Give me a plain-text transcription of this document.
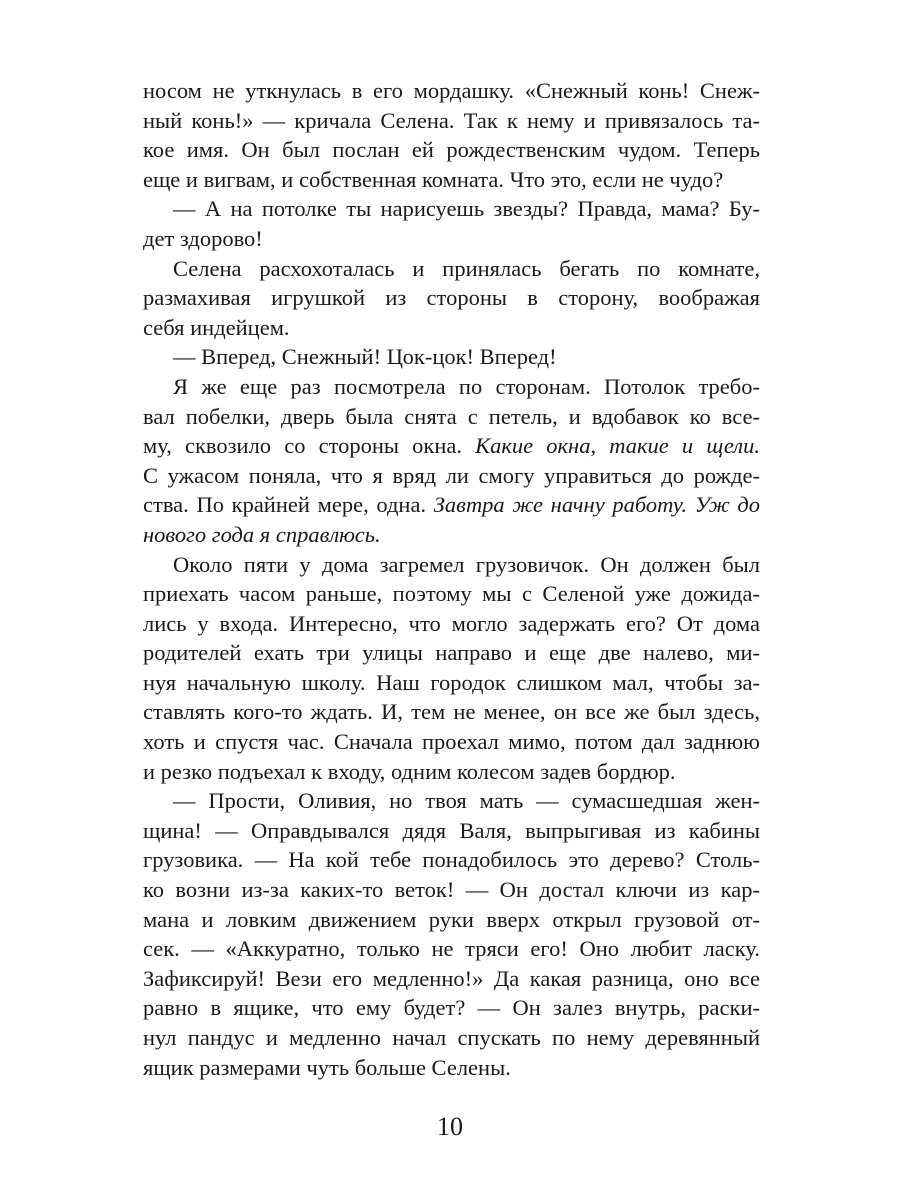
носом не уткнулась в его мордашку. «Снежный конь! Снеж-
ный конь!» — кричала Селена. Так к нему и привязалось та-
кое имя. Он был послан ей рождественским чудом. Теперь
еще и вигвам, и собственная комната. Что это, если не чудо?
— А на потолке ты нарисуешь звезды? Правда, мама? Бу-
дет здорово!
Селена расхохоталась и принялась бегать по комнате,
размахивая игрушкой из стороны в сторону, воображая
себя индейцем.
— Вперед, Снежный! Цок-цок! Вперед!
Я же еще раз посмотрела по сторонам. Потолок требо-
вал побелки, дверь была снята с петель, и вдобавок ко все-
му, сквозило со стороны окна. Какие окна, такие и щели.
С ужасом поняла, что я вряд ли смогу управиться до рожде-
ства. По крайней мере, одна. Завтра же начну работу. Уж до
нового года я справлюсь.
Около пяти у дома загремел грузовичок. Он должен был
приехать часом раньше, поэтому мы с Селеной уже дожида-
лись у входа. Интересно, что могло задержать его? От дома
родителей ехать три улицы направо и еще две налево, ми-
нуя начальную школу. Наш городок слишком мал, чтобы за-
ставлять кого-то ждать. И, тем не менее, он все же был здесь,
хоть и спустя час. Сначала проехал мимо, потом дал заднюю
и резко подъехал к входу, одним колесом задев бордюр.
— Прости, Оливия, но твоя мать — сумасшедшая жен-
щина! — Оправдывался дядя Валя, выпрыгивая из кабины
грузовика. — На кой тебе понадобилось это дерево? Столь-
ко возни из-за каких-то веток! — Он достал ключи из кар-
мана и ловким движением руки вверх открыл грузовой от-
сек. — «Аккуратно, только не тряси его! Оно любит ласку.
Зафиксируй! Вези его медленно!» Да какая разница, оно все
равно в ящике, что ему будет? — Он залез внутрь, раски-
нул пандус и медленно начал спускать по нему деревянный
ящик размерами чуть больше Селены.
10
